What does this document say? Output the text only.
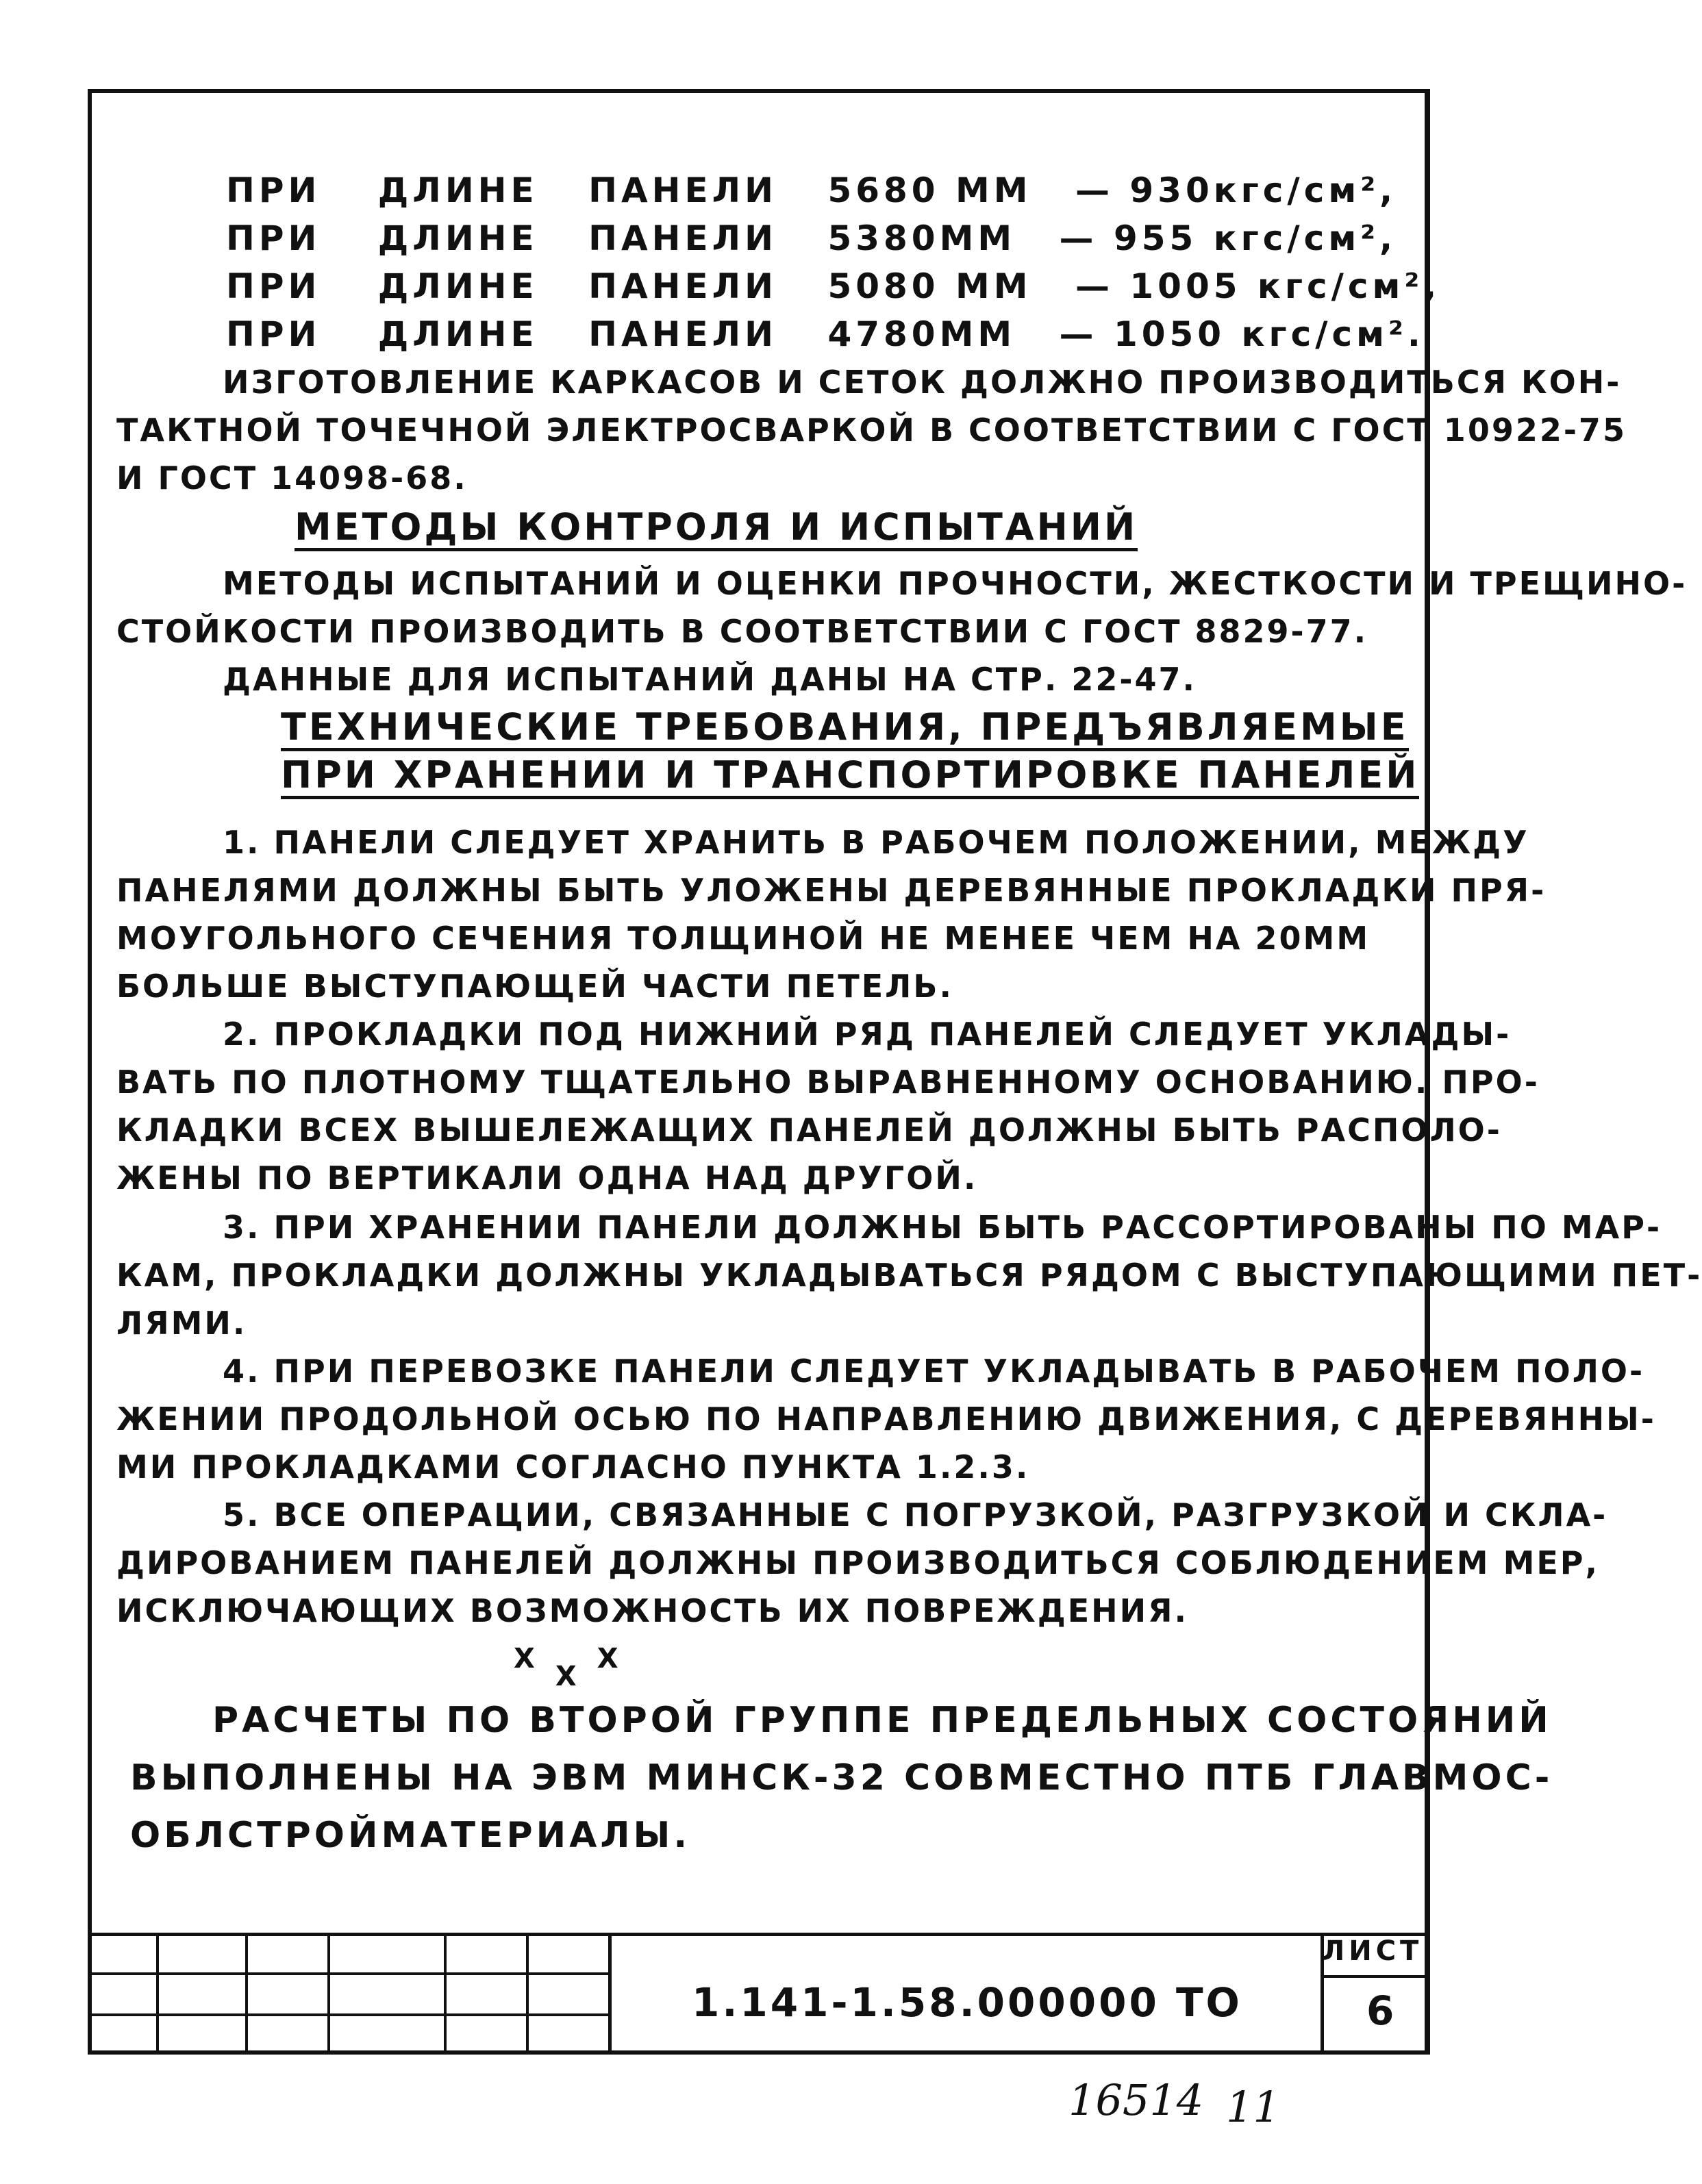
ПРИ ДЛИНЕ ПАНЕЛИ 5680 ММ — 930кгс/см²,
ПРИ ДЛИНЕ ПАНЕЛИ 5380ММ — 955 кгс/см²,
ПРИ ДЛИНЕ ПАНЕЛИ 5080 ММ — 1005 кгс/см²,
ПРИ ДЛИНЕ ПАНЕЛИ 4780ММ — 1050 кгс/см².
ИЗГОТОВЛЕНИЕ КАРКАСОВ И СЕТОК ДОЛЖНО ПРОИЗВОДИТЬСЯ КОН-
ТАКТНОЙ ТОЧЕЧНОЙ ЭЛЕКТРОСВАРКОЙ В СООТВЕТСТВИИ С ГОСТ 10922-75
И ГОСТ 14098-68.
МЕТОДЫ КОНТРОЛЯ И ИСПЫТАНИЙ
МЕТОДЫ ИСПЫТАНИЙ И ОЦЕНКИ ПРОЧНОСТИ, ЖЕСТКОСТИ И ТРЕЩИНО-
СТОЙКОСТИ ПРОИЗВОДИТЬ В СООТВЕТСТВИИ С ГОСТ 8829-77.
ДАННЫЕ ДЛЯ ИСПЫТАНИЙ ДАНЫ НА СТР. 22-47.
ТЕХНИЧЕСКИЕ ТРЕБОВАНИЯ, ПРЕДЪЯВЛЯЕМЫЕ
ПРИ ХРАНЕНИИ И ТРАНСПОРТИРОВКЕ ПАНЕЛЕЙ
1. ПАНЕЛИ СЛЕДУЕТ ХРАНИТЬ В РАБОЧЕМ ПОЛОЖЕНИИ, МЕЖДУ
ПАНЕЛЯМИ ДОЛЖНЫ БЫТЬ УЛОЖЕНЫ ДЕРЕВЯННЫЕ ПРОКЛАДКИ ПРЯ-
МОУГОЛЬНОГО СЕЧЕНИЯ ТОЛЩИНОЙ НЕ МЕНЕЕ ЧЕМ НА 20ММ
БОЛЬШЕ ВЫСТУПАЮЩЕЙ ЧАСТИ ПЕТЕЛЬ.
2. ПРОКЛАДКИ ПОД НИЖНИЙ РЯД ПАНЕЛЕЙ СЛЕДУЕТ УКЛАДЫ-
ВАТЬ ПО ПЛОТНОМУ ТЩАТЕЛЬНО ВЫРАВНЕННОМУ ОСНОВАНИЮ. ПРО-
КЛАДКИ ВСЕХ ВЫШЕЛЕЖАЩИХ ПАНЕЛЕЙ ДОЛЖНЫ БЫТЬ РАСПОЛО-
ЖЕНЫ ПО ВЕРТИКАЛИ ОДНА НАД ДРУГОЙ.
3. ПРИ ХРАНЕНИИ ПАНЕЛИ ДОЛЖНЫ БЫТЬ РАССОРТИРОВАНЫ ПО МАР-
КАМ, ПРОКЛАДКИ ДОЛЖНЫ УКЛАДЫВАТЬСЯ РЯДОМ С ВЫСТУПАЮЩИМИ ПЕТ-
ЛЯМИ.
4. ПРИ ПЕРЕВОЗКЕ ПАНЕЛИ СЛЕДУЕТ УКЛАДЫВАТЬ В РАБОЧЕМ ПОЛО-
ЖЕНИИ ПРОДОЛЬНОЙ ОСЬЮ ПО НАПРАВЛЕНИЮ ДВИЖЕНИЯ, С ДЕРЕВЯННЫ-
МИ ПРОКЛАДКАМИ СОГЛАСНО ПУНКТА 1.2.3.
5. ВСЕ ОПЕРАЦИИ, СВЯЗАННЫЕ С ПОГРУЗКОЙ, РАЗГРУЗКОЙ И СКЛА-
ДИРОВАНИЕМ ПАНЕЛЕЙ ДОЛЖНЫ ПРОИЗВОДИТЬСЯ СОБЛЮДЕНИЕМ МЕР,
ИСКЛЮЧАЮЩИХ ВОЗМОЖНОСТЬ ИХ ПОВРЕЖДЕНИЯ.
XXX
РАСЧЕТЫ ПО ВТОРОЙ ГРУППЕ ПРЕДЕЛЬНЫХ СОСТОЯНИЙ
ВЫПОЛНЕНЫ НА ЭВМ МИНСК-32 СОВМЕСТНО ПТБ ГЛАВМОС-
ОБЛСТРОЙМАТЕРИАЛЫ.
1.141-1.58.000000 ТО
ЛИСТ
6
16514 11
